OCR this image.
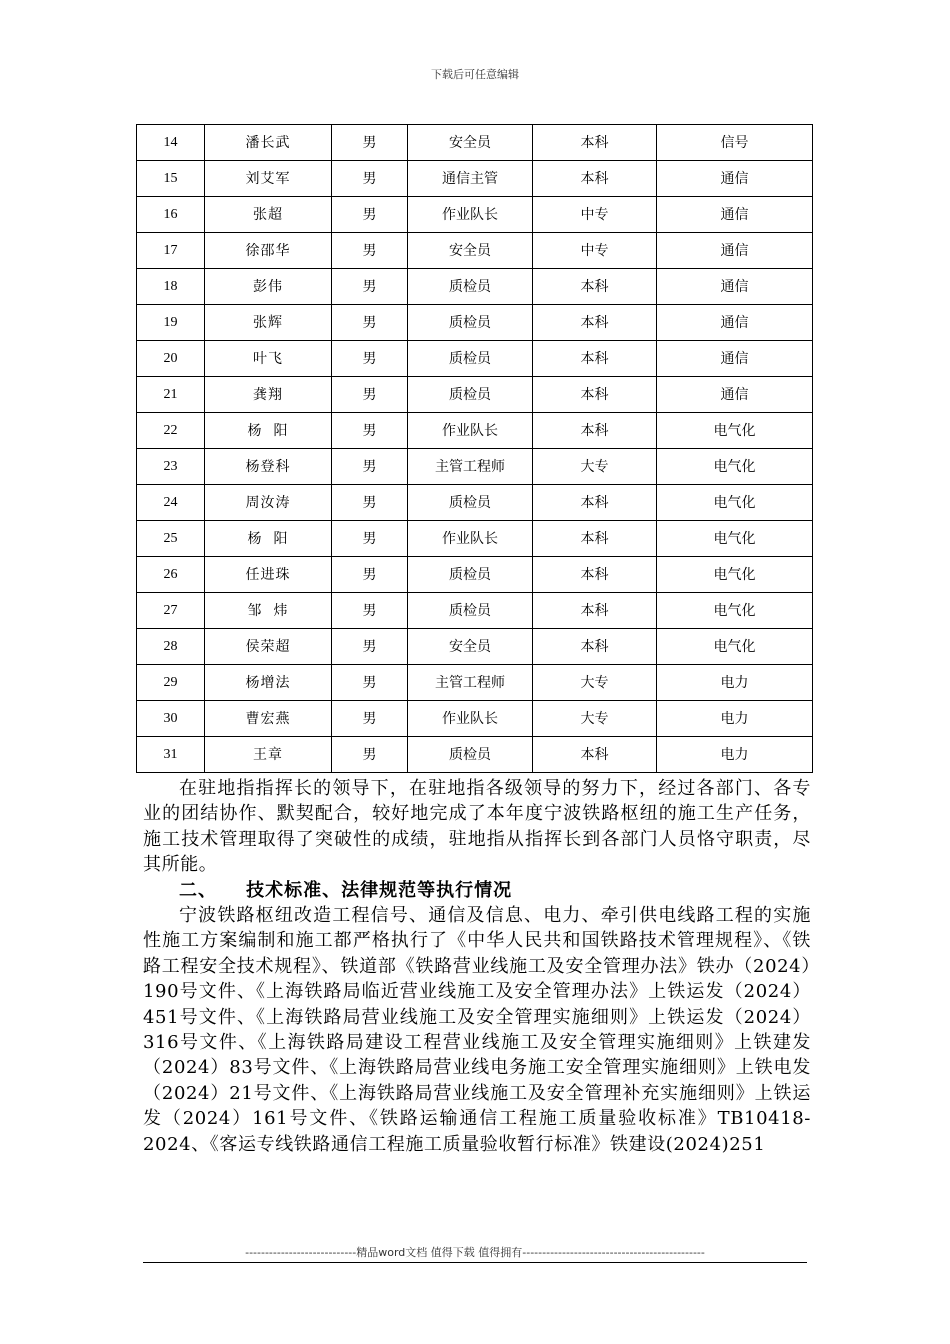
下载后可任意编辑
14	潘长武	男	安全员	本科	信号
15	刘艾军	男	通信主管	本科	通信
16	张超	男	作业队长	中专	通信
17	徐邵华	男	安全员	中专	通信
18	彭伟	男	质检员	本科	通信
19	张辉	男	质检员	本科	通信
20	叶飞	男	质检员	本科	通信
21	龚翔	男	质检员	本科	通信
22	杨  阳	男	作业队长	本科	电气化
23	杨登科	男	主管工程师	大专	电气化
24	周汝涛	男	质检员	本科	电气化
25	杨  阳	男	作业队长	本科	电气化
26	任进珠	男	质检员	本科	电气化
27	邹  炜	男	质检员	本科	电气化
28	侯荣超	男	安全员	本科	电气化
29	杨增法	男	主管工程师	大专	电力
30	曹宏燕	男	作业队长	大专	电力
31	王章	男	质检员	本科	电力

在驻地指指挥长的领导下，在驻地指各级领导的努力下，经过各部门、各专业的团结协作、默契配合，较好地完成了本年度宁波铁路枢纽的施工生产任务，施工技术管理取得了突破性的成绩，驻地指从指挥长到各部门人员恪守职责，尽其所能。

二、    技术标准、法律规范等执行情况

宁波铁路枢纽改造工程信号、通信及信息、电力、牵引供电线路工程的实施性施工方案编制和施工都严格执行了《中华人民共和国铁路技术管理规程》、《铁路工程安全技术规程》、铁道部《铁路营业线施工及安全管理办法》铁办（2024）190号文件、《上海铁路局临近营业线施工及安全管理办法》上铁运发（2024）451号文件、《上海铁路局营业线施工及安全管理实施细则》上铁运发（2024）316号文件、《上海铁路局建设工程营业线施工及安全管理实施细则》上铁建发（2024）83号文件、《上海铁路局营业线电务施工安全管理实施细则》上铁电发（2024）21号文件、《上海铁路局营业线施工及安全管理补充实施细则》上铁运发（2024）161号文件、《铁路运输通信工程施工质量验收标准》TB10418-2024、《客运专线铁路通信工程施工质量验收暂行标准》铁建设(2024)251

----------------------------精品word文档 值得下载 值得拥有----------------------------------------------
